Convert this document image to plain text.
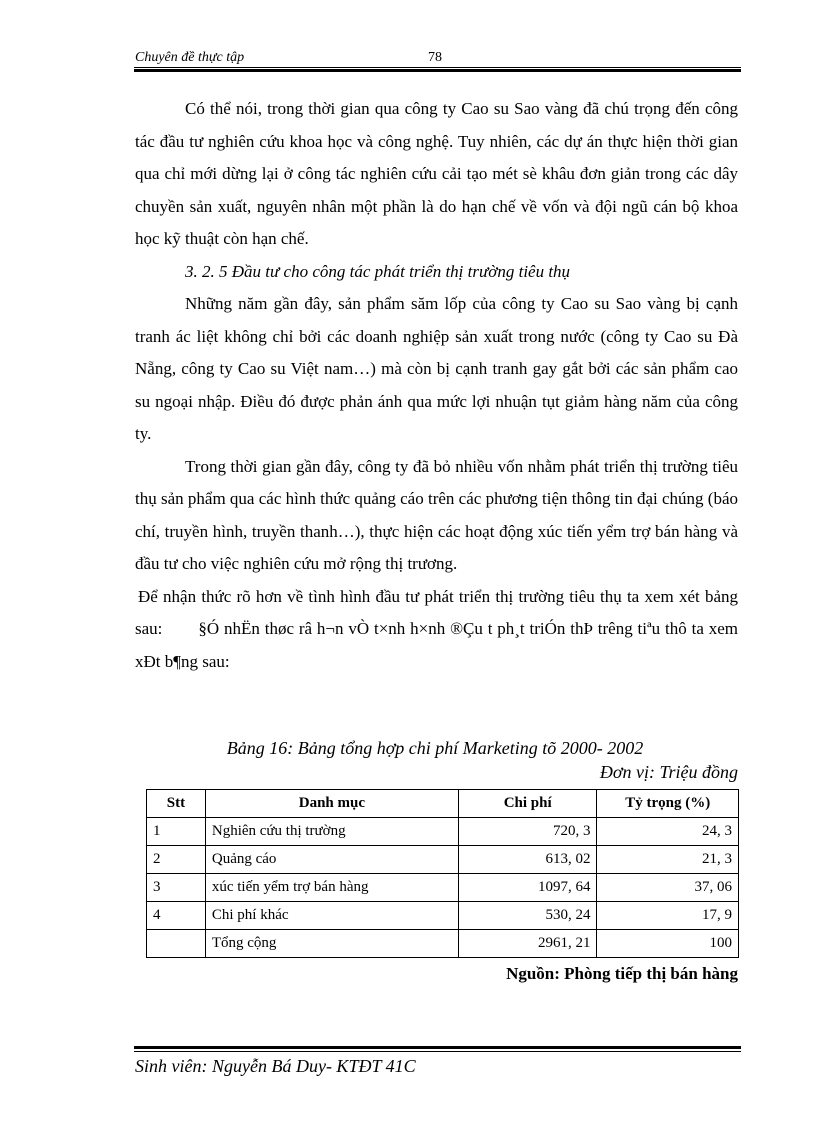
Chuyên đề thực tập	78

Có thể nói, trong thời gian qua công ty Cao su Sao vàng đã chú trọng đến công tác đầu tư nghiên cứu khoa học và công nghệ. Tuy nhiên, các dự án thực hiện thời gian qua chỉ mới dừng lại ở công tác nghiên cứu cải tạo mét sè khâu đơn giản trong các dây chuyền sản xuất, nguyên nhân một phần là do hạn chế về vốn và đội ngũ cán bộ khoa học kỹ thuật còn hạn chế.

3. 2. 5 Đầu tư cho công tác phát triển thị trường tiêu thụ

Những năm gần đây, sản phẩm săm lốp của công ty Cao su Sao vàng bị cạnh tranh ác liệt không chỉ bởi các doanh nghiệp sản xuất trong nước (công ty Cao su Đà Nẵng, công ty Cao su Việt nam…) mà còn bị cạnh tranh gay gắt bởi các sản phẩm cao su ngoại nhập. Điều đó được phản ánh qua mức lợi nhuận tụt giảm hàng năm của công ty.

Trong thời gian gần đây, công ty đã bỏ nhiều vốn nhằm phát triển thị trường tiêu thụ sản phẩm qua các hình thức quảng cáo trên các phương tiện thông tin đại chúng (báo chí, truyền hình, truyền thanh…), thực hiện các hoạt động xúc tiến yểm trợ bán hàng và đầu tư cho việc nghiên cứu mở rộng thị trương.

Để nhận thức rõ hơn về tình hình đầu tư phát triển thị trường tiêu thụ ta xem xét bảng sau: §Ó nhËn thøc râ h¬n vÒ t×nh h×nh ®Çu t ph¸t triÓn thÞ trêng tiªu thô ta xem xÐt b¶ng sau:

Bảng 16: Bảng tổng hợp chi phí Marketing tõ 2000- 2002
Đơn vị: Triệu đồng
Stt	Danh mục	Chi phí	Tỷ trọng (%)
1	Nghiên cứu thị trường	720, 3	24, 3
2	Quảng cáo	613, 02	21, 3
3	xúc tiến yểm trợ bán hàng	1097, 64	37, 06
4	Chi phí khác	530, 24	17, 9
	Tổng cộng	2961, 21	100
Nguồn: Phòng tiếp thị bán hàng
Sinh viên: Nguyễn Bá Duy- KTĐT 41C
